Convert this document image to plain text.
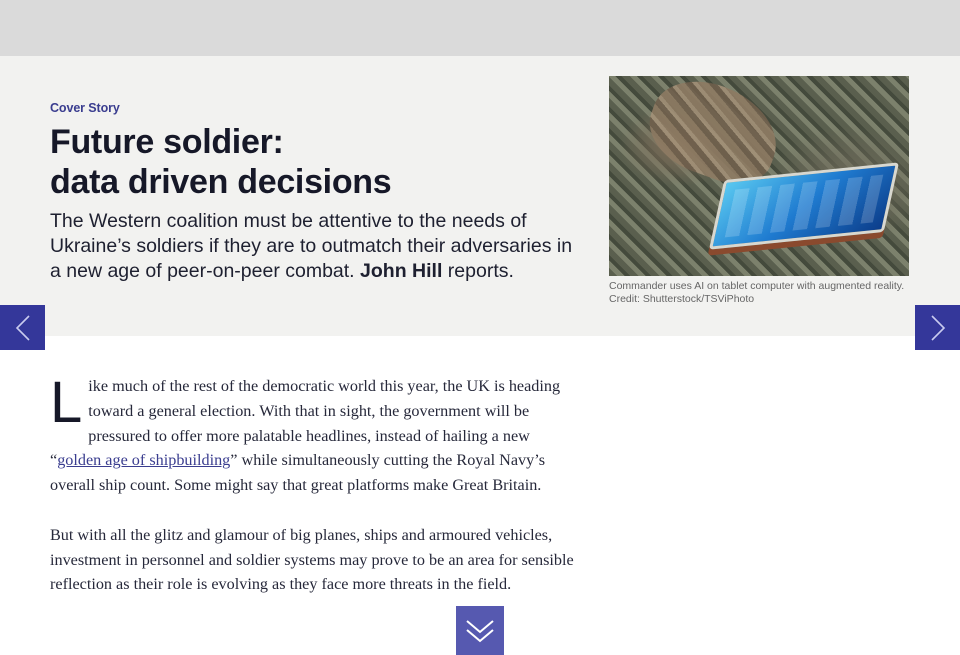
Cover Story
Future soldier:
data driven decisions

The Western coalition must be attentive to the needs of Ukraine’s soldiers if they are to outmatch their adversaries in a new age of peer-on-peer combat. John Hill reports.

Commander uses AI on tablet computer with augmented reality. Credit: Shutterstock/TSViPhoto

Like much of the rest of the democratic world this year, the UK is heading toward a general election. With that in sight, the government will be pressured to offer more palatable headlines, instead of hailing a new “golden age of shipbuilding” while simultaneously cutting the Royal Navy’s overall ship count. Some might say that great platforms make Great Britain.

But with all the glitz and glamour of big planes, ships and armoured vehicles, investment in personnel and soldier systems may prove to be an area for sensible reflection as their role is evolving as they face more threats in the field.
